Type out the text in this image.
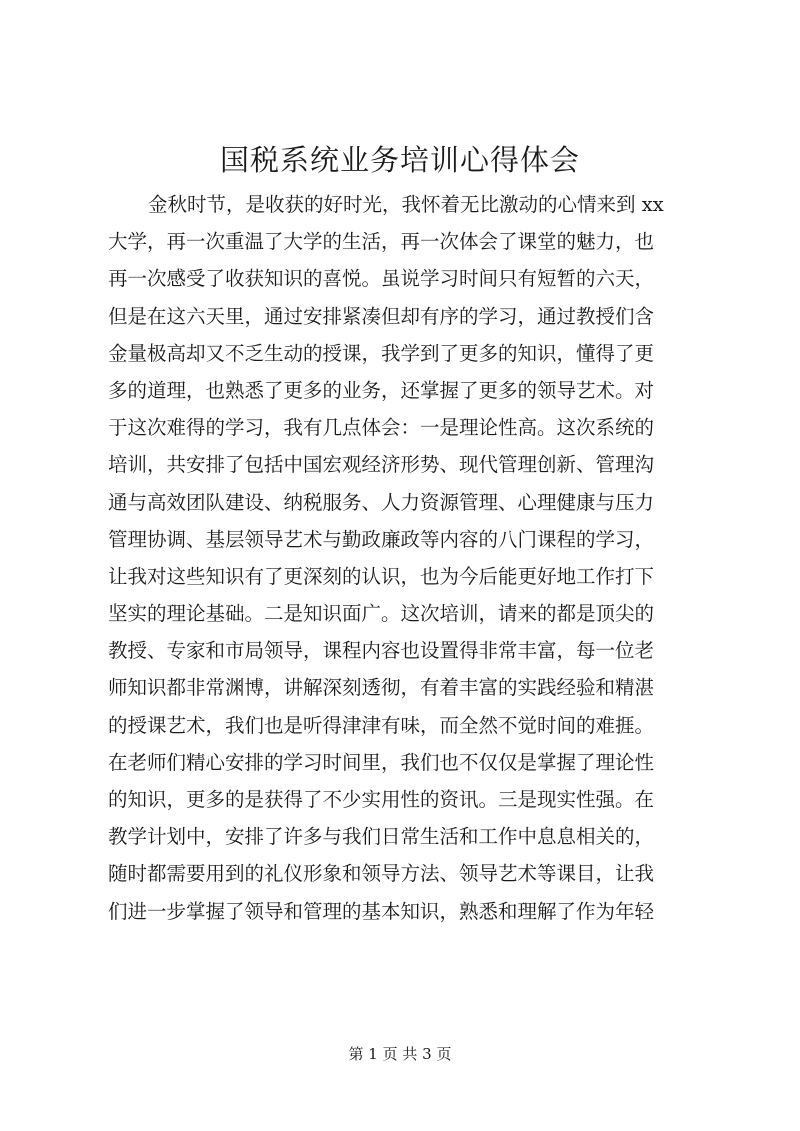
国税系统业务培训心得体会
金秋时节，是收获的好时光，我怀着无比激动的心情来到 xx
大学，再一次重温了大学的生活，再一次体会了课堂的魅力，也
再一次感受了收获知识的喜悦。虽说学习时间只有短暂的六天，
但是在这六天里，通过安排紧凑但却有序的学习，通过教授们含
金量极高却又不乏生动的授课，我学到了更多的知识，懂得了更
多的道理，也熟悉了更多的业务，还掌握了更多的领导艺术。对
于这次难得的学习，我有几点体会：一是理论性高。这次系统的
培训，共安排了包括中国宏观经济形势、现代管理创新、管理沟
通与高效团队建设、纳税服务、人力资源管理、心理健康与压力
管理协调、基层领导艺术与勤政廉政等内容的八门课程的学习，
让我对这些知识有了更深刻的认识，也为今后能更好地工作打下
坚实的理论基础。二是知识面广。这次培训，请来的都是顶尖的
教授、专家和市局领导，课程内容也设置得非常丰富，每一位老
师知识都非常渊博，讲解深刻透彻，有着丰富的实践经验和精湛
的授课艺术，我们也是听得津津有味，而全然不觉时间的难捱。
在老师们精心安排的学习时间里，我们也不仅仅是掌握了理论性
的知识，更多的是获得了不少实用性的资讯。三是现实性强。在
教学计划中，安排了许多与我们日常生活和工作中息息相关的，
随时都需要用到的礼仪形象和领导方法、领导艺术等课目，让我
们进一步掌握了领导和管理的基本知识，熟悉和理解了作为年轻
第 1 页 共 3 页
